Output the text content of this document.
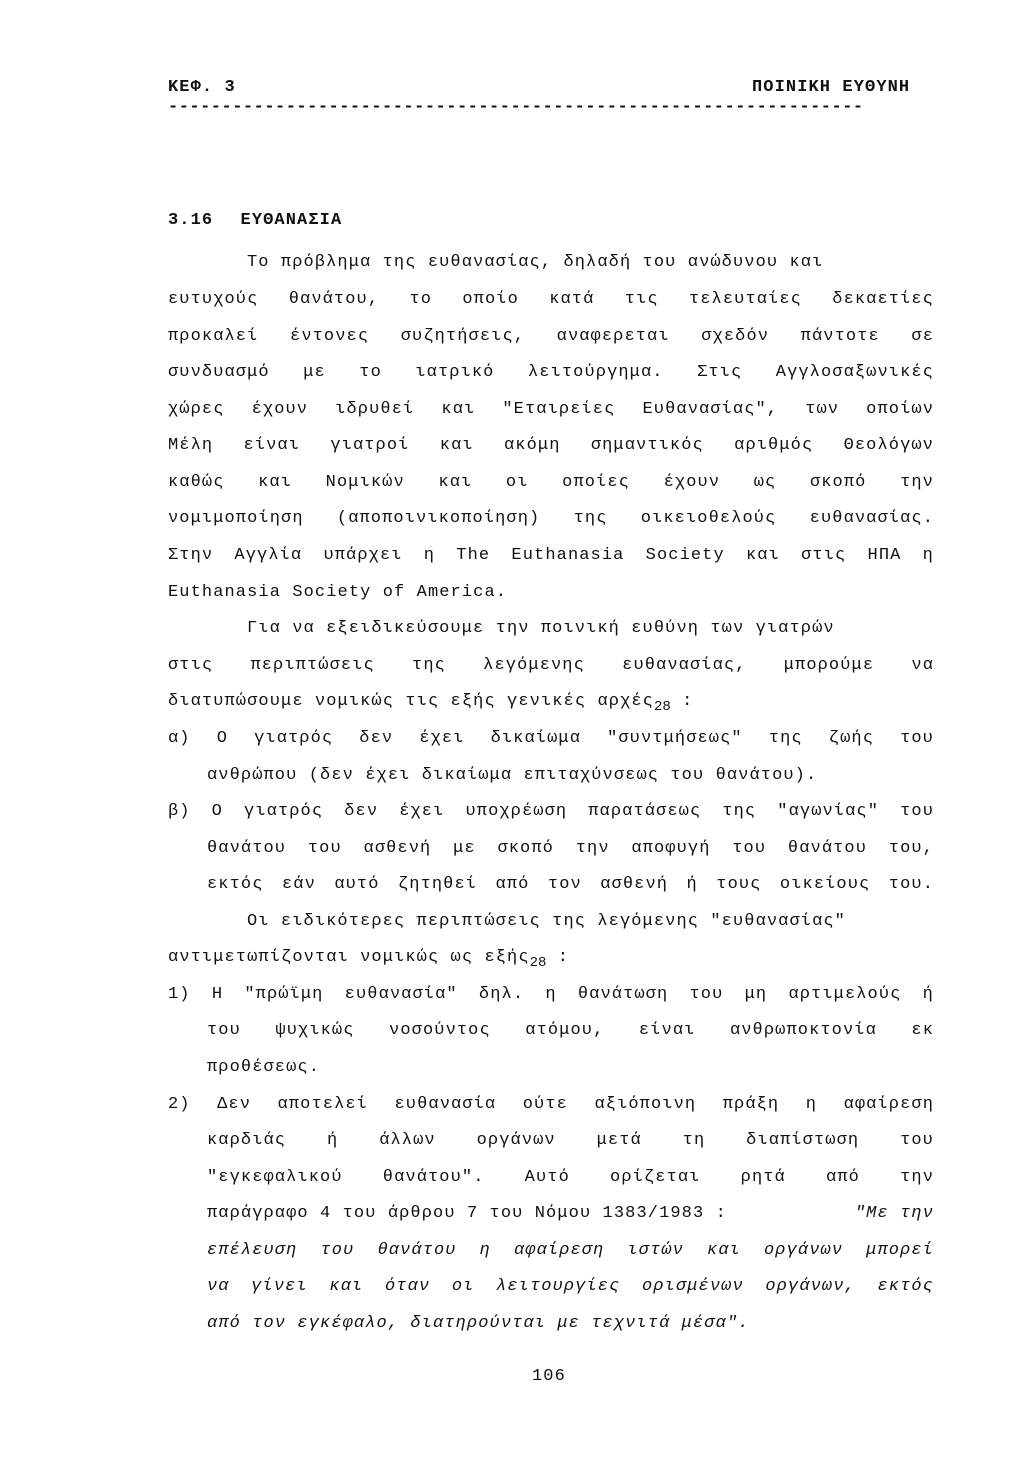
ΚΕΦ. 3	ΠΟΙΝΙΚΗ ΕΥΘΥΝΗ
-----------------------------------------------------------------
3.16 ΕΥΘΑΝΑΣΙΑ
Το πρόβλημα της ευθανασίας, δηλαδή του ανώδυνου και
ευτυχούς θανάτου, το οποίο κατά τις τελευταίες δεκαετίες
προκαλεί έντονες συζητήσεις, αναφερεται σχεδόν πάντοτε σε
συνδυασμό με το ιατρικό λειτούργημα. Στις Αγγλοσαξωνικές
χώρες έχουν ιδρυθεί και "Εταιρείες Ευθανασίας", των οποίων
Μέλη είναι γιατροί και ακόμη σημαντικός αριθμός Θεολόγων
καθώς και Νομικών και οι οποίες έχουν ως σκοπό την
νομιμοποίηση (αποποινικοποίηση) της οικειοθελούς ευθανασίας.
Στην Αγγλία υπάρχει η The Euthanasia Society και στις ΗΠΑ η
Euthanasia Society of America.
Για να εξειδικεύσουμε την ποινική ευθύνη των γιατρών
στις περιπτώσεις της λεγόμενης ευθανασίας, μπορούμε να
διατυπώσουμε νομικώς τις εξής γενικές αρχές$_{28}$ :
α) Ο γιατρός δεν έχει δικαίωμα "συντμήσεως" της ζωής του
ανθρώπου (δεν έχει δικαίωμα επιταχύνσεως του θανάτου).
β) Ο γιατρός δεν έχει υποχρέωση παρατάσεως της "αγωνίας" του
θανάτου του ασθενή με σκοπό την αποφυγή του θανάτου του,
εκτός εάν αυτό ζητηθεί από τον ασθενή ή τους οικείους του.
Οι ειδικότερες περιπτώσεις της λεγόμενης "ευθανασίας"
αντιμετωπίζονται νομικώς ως εξής$_{28}$ :
1) Η "πρώϊμη ευθανασία" δηλ. η θανάτωση του μη αρτιμελούς ή
του ψυχικώς νοσούντος ατόμου, είναι ανθρωποκτονία εκ
προθέσεως.
2) Δεν αποτελεί ευθανασία ούτε αξιόποινη πράξη η αφαίρεση
καρδιάς ή άλλων οργάνων μετά τη διαπίστωση του
"εγκεφαλικού θανάτου". Αυτό ορίζεται ρητά από την
παράγραφο 4 του άρθρου 7 του Νόμου 1383/1983 :	"Με την
επέλευση του θανάτου η αφαίρεση ιστών και οργάνων μπορεί
να γίνει και όταν οι λειτουργίες ορισμένων οργάνων, εκτός
από τον εγκέφαλο, διατηρούνται με τεχνιτά μέσα".
106
